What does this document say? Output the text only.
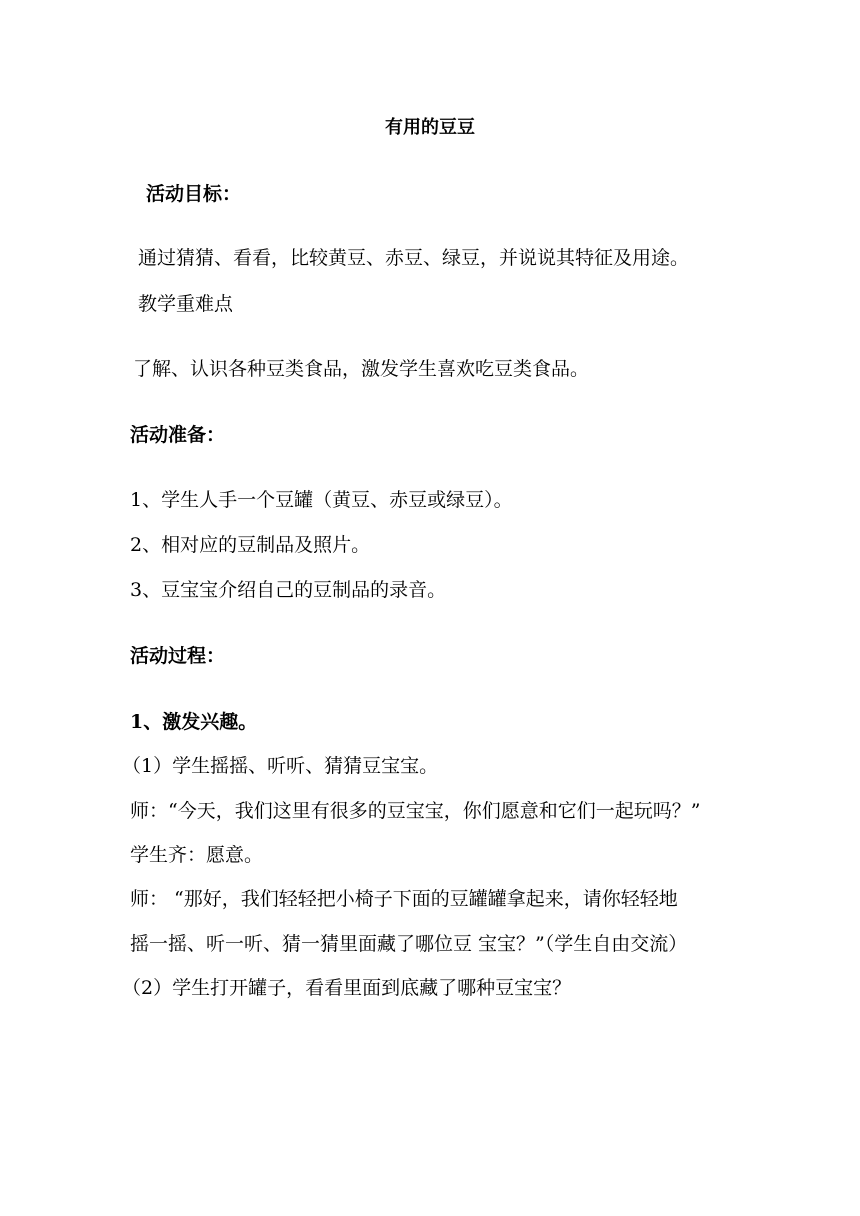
有用的豆豆
活动目标：
通过猜猜、看看，比较黄豆、赤豆、绿豆，并说说其特征及用途。
教学重难点
了解、认识各种豆类食品，激发学生喜欢吃豆类食品。
活动准备：
1、学生人手一个豆罐（黄豆、赤豆或绿豆）。
2、相对应的豆制品及照片。
3、豆宝宝介绍自己的豆制品的录音。
活动过程：
1、激发兴趣。
（1）学生摇摇、听听、猜猜豆宝宝。
师：“今天，我们这里有很多的豆宝宝，你们愿意和它们一起玩吗？”
学生齐：愿意。
师： “那好，我们轻轻把小椅子下面的豆罐罐拿起来，请你轻轻地
摇一摇、听一听、猜一猜里面藏了哪位豆 宝宝？”（学生自由交流）
（2）学生打开罐子，看看里面到底藏了哪种豆宝宝？
